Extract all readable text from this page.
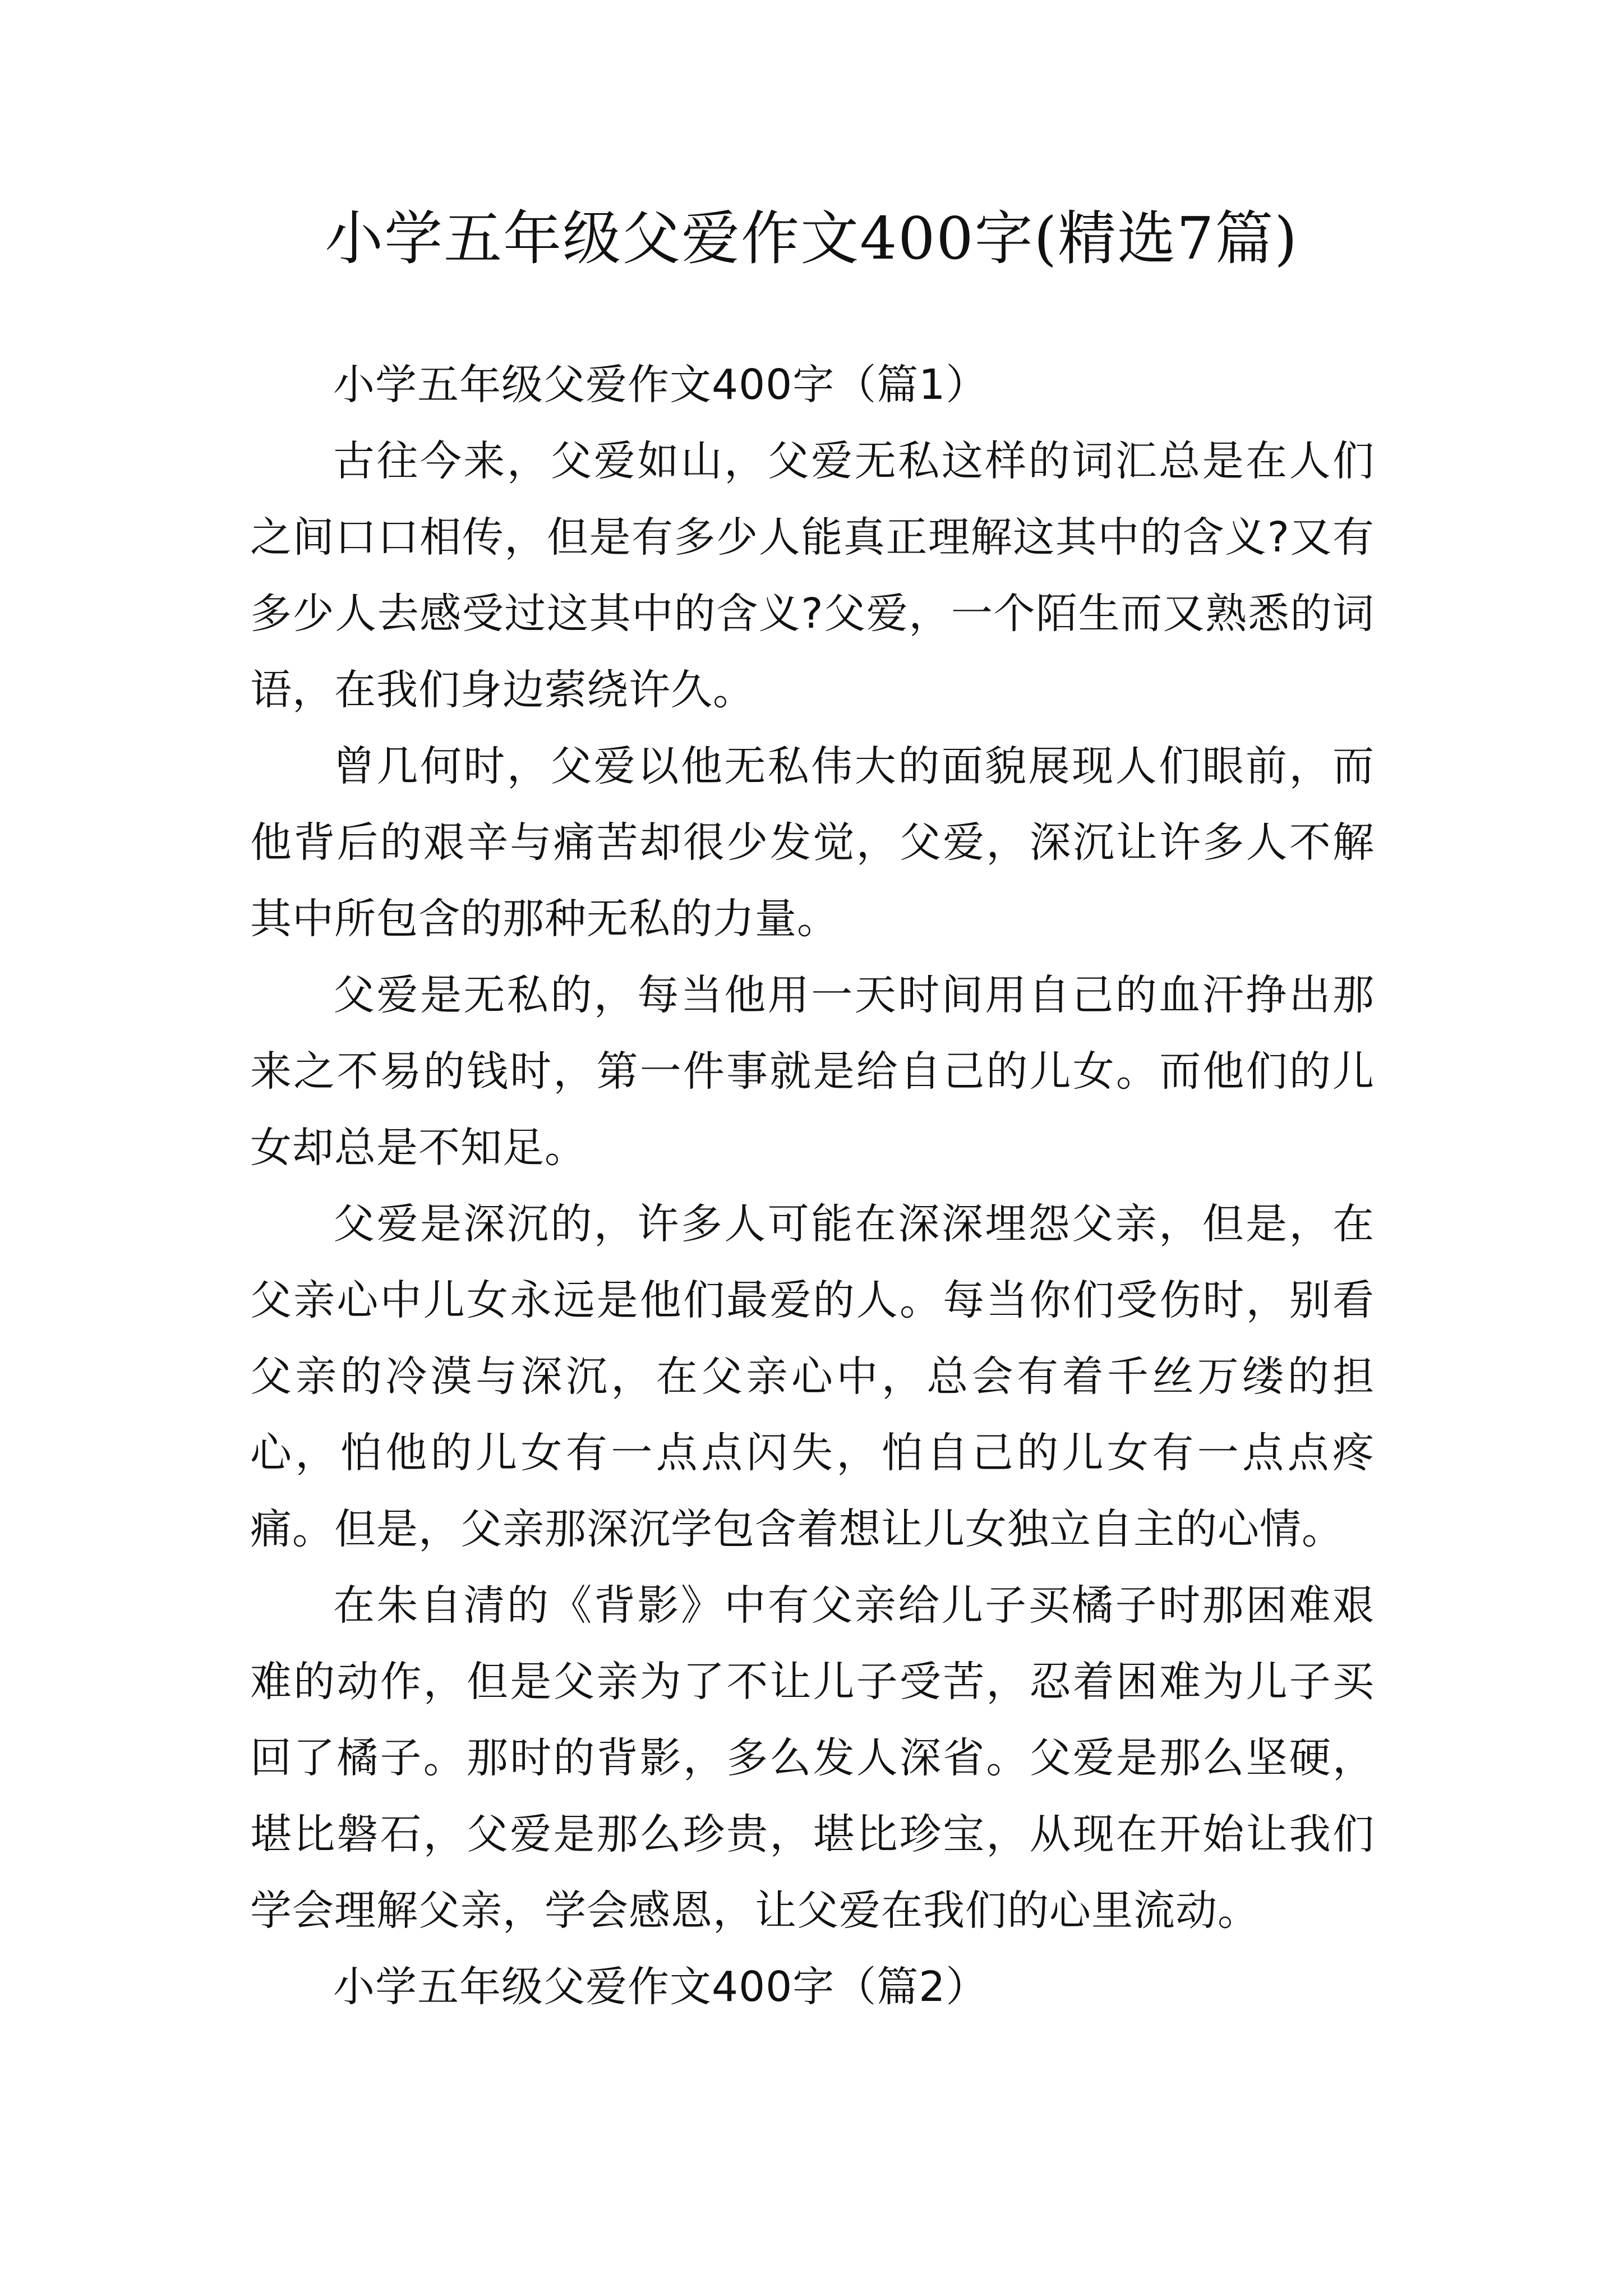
小学五年级父爱作文400字(精选7篇)

小学五年级父爱作文400字（篇1）

古往今来，父爱如山，父爱无私这样的词汇总是在人们之间口口相传，但是有多少人能真正理解这其中的含义?又有多少人去感受过这其中的含义?父爱，一个陌生而又熟悉的词语，在我们身边萦绕许久。

曾几何时，父爱以他无私伟大的面貌展现人们眼前，而他背后的艰辛与痛苦却很少发觉，父爱，深沉让许多人不解其中所包含的那种无私的力量。

父爱是无私的，每当他用一天时间用自己的血汗挣出那来之不易的钱时，第一件事就是给自己的儿女。而他们的儿女却总是不知足。

父爱是深沉的，许多人可能在深深埋怨父亲，但是，在父亲心中儿女永远是他们最爱的人。每当你们受伤时，别看父亲的冷漠与深沉，在父亲心中，总会有着千丝万缕的担心，怕他的儿女有一点点闪失，怕自己的儿女有一点点疼痛。但是，父亲那深沉学包含着想让儿女独立自主的心情。

在朱自清的《背影》中有父亲给儿子买橘子时那困难艰难的动作，但是父亲为了不让儿子受苦，忍着困难为儿子买回了橘子。那时的背影，多么发人深省。父爱是那么坚硬，堪比磐石，父爱是那么珍贵，堪比珍宝，从现在开始让我们学会理解父亲，学会感恩，让父爱在我们的心里流动。

小学五年级父爱作文400字（篇2）
